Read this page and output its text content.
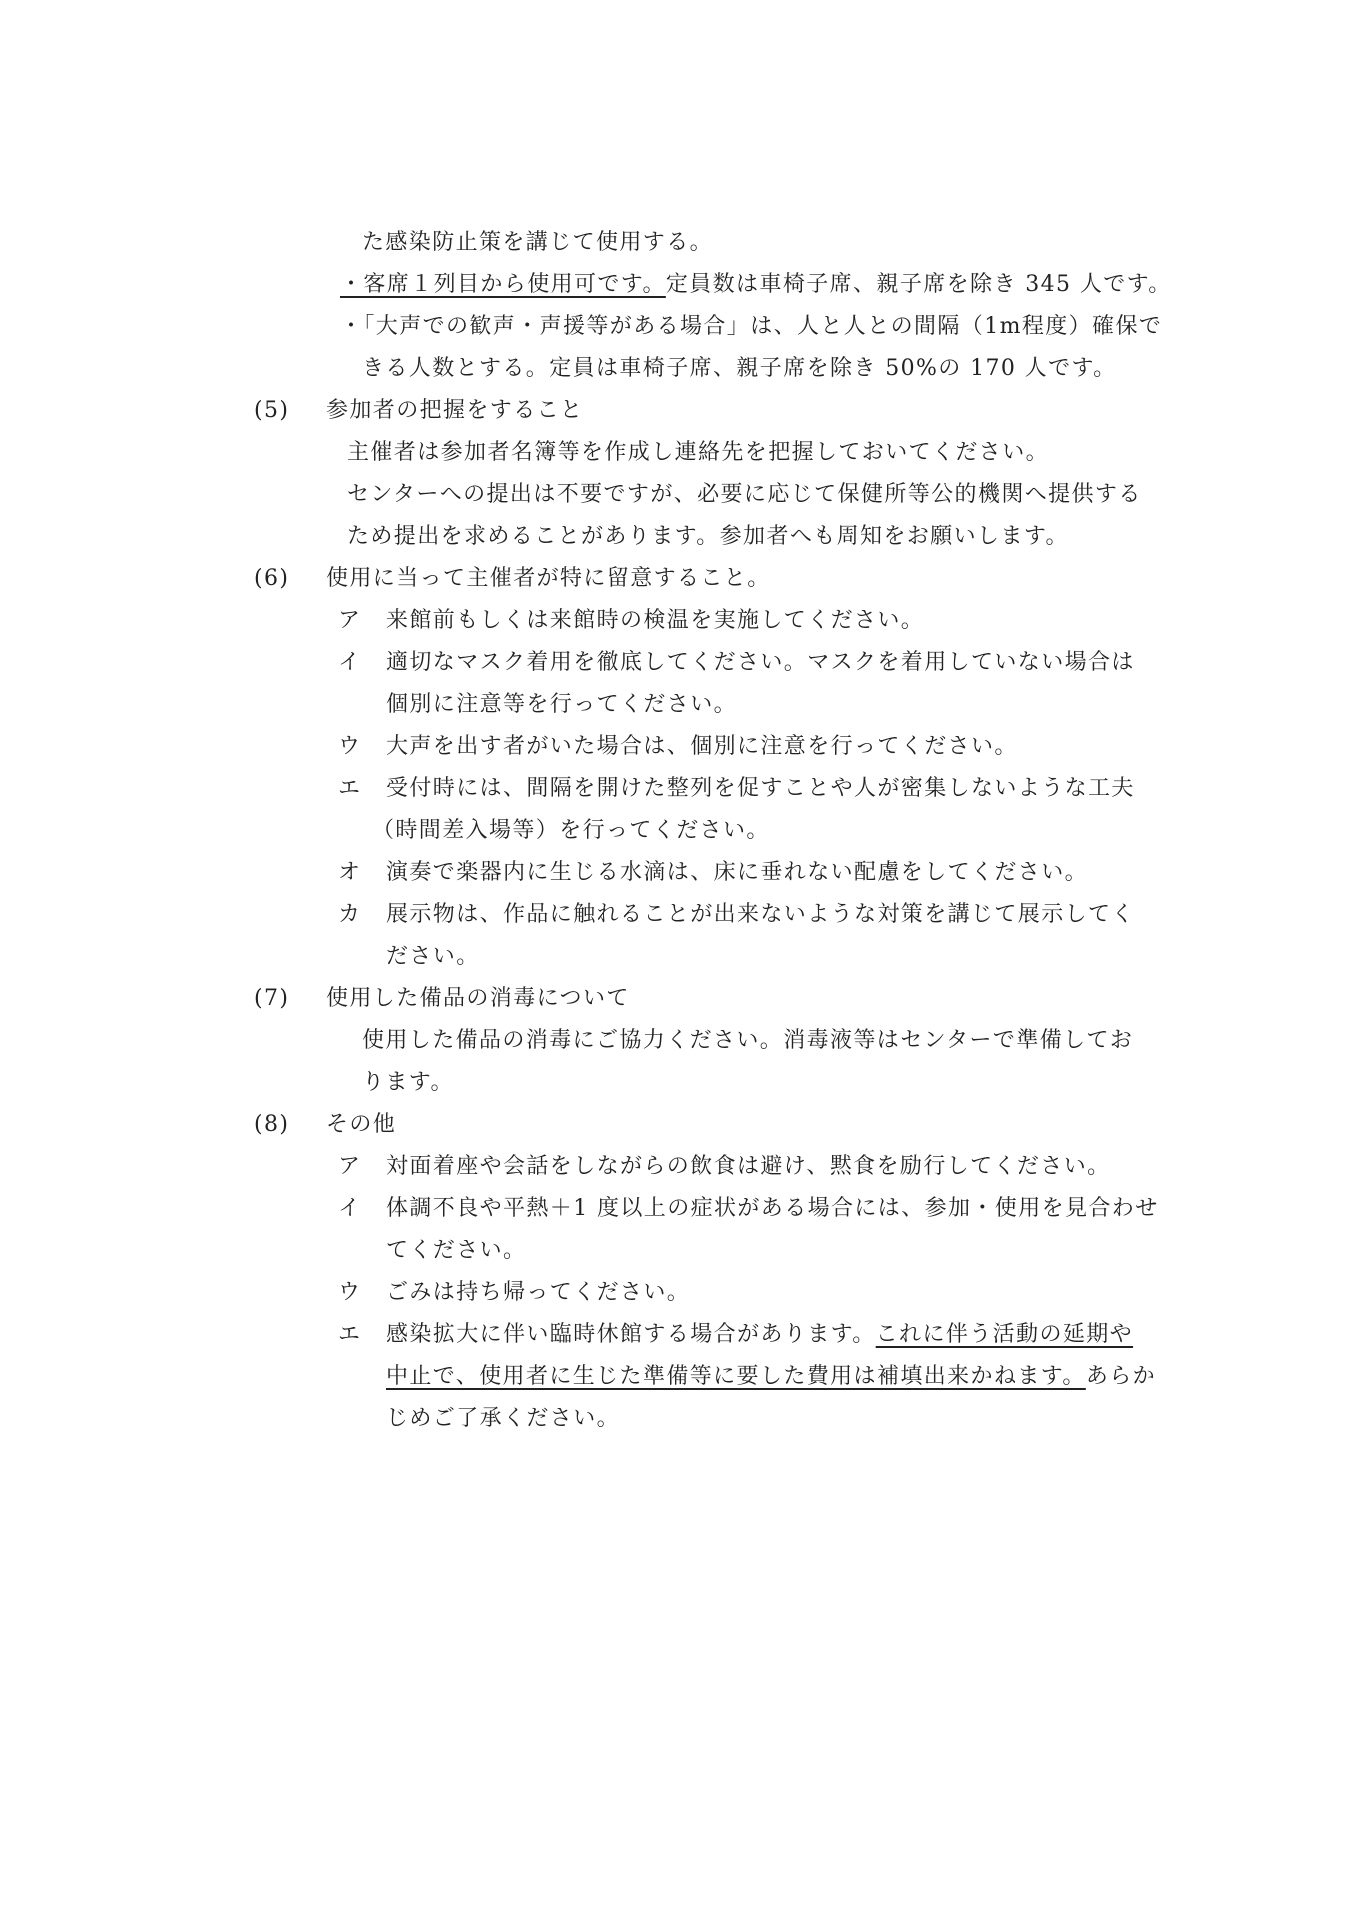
た感染防止策を講じて使用する。
・客席１列目から使用可です。定員数は車椅子席、親子席を除き 345 人です。
・「大声での歓声・声援等がある場合」は、人と人との間隔（1m程度）確保で
きる人数とする。定員は車椅子席、親子席を除き 50%の 170 人です。
(5) 参加者の把握をすること
主催者は参加者名簿等を作成し連絡先を把握しておいてください。
センターへの提出は不要ですが、必要に応じて保健所等公的機関へ提供する
ため提出を求めることがあります。参加者へも周知をお願いします。
(6) 使用に当って主催者が特に留意すること。
ア 来館前もしくは来館時の検温を実施してください。
イ 適切なマスク着用を徹底してください。マスクを着用していない場合は
個別に注意等を行ってください。
ウ 大声を出す者がいた場合は、個別に注意を行ってください。
エ 受付時には、間隔を開けた整列を促すことや人が密集しないような工夫
（時間差入場等）を行ってください。
オ 演奏で楽器内に生じる水滴は、床に垂れない配慮をしてください。
カ 展示物は、作品に触れることが出来ないような対策を講じて展示してく
ださい。
(7) 使用した備品の消毒について
使用した備品の消毒にご協力ください。消毒液等はセンターで準備してお
ります。
(8) その他
ア 対面着座や会話をしながらの飲食は避け、黙食を励行してください。
イ 体調不良や平熱＋1 度以上の症状がある場合には、参加・使用を見合わせ
てください。
ウ ごみは持ち帰ってください。
エ 感染拡大に伴い臨時休館する場合があります。これに伴う活動の延期や
中止で、使用者に生じた準備等に要した費用は補填出来かねます。あらか
じめご了承ください。
